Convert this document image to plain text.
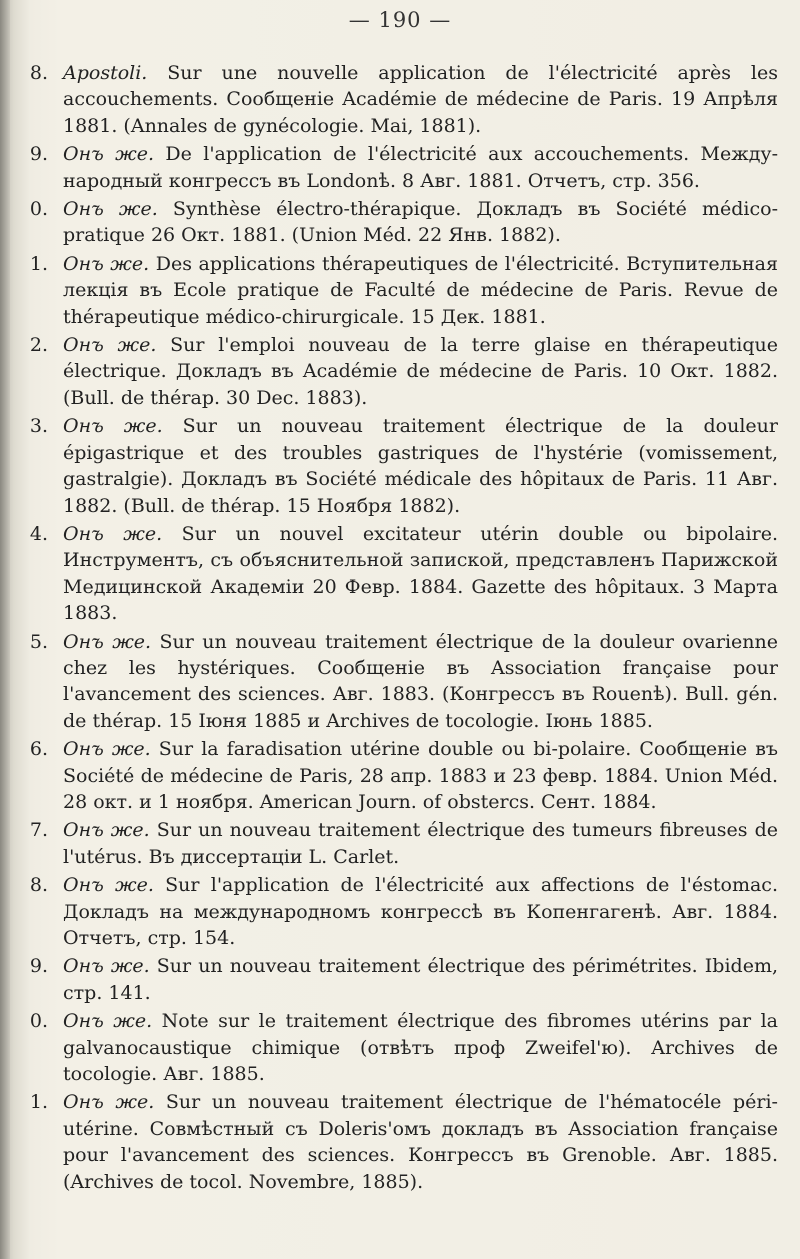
— 190 —
8. Apostoli. Sur une nouvelle application de l'électricité après les accouchements. Сообщеніе Académie de médecine de Paris. 19 Апрѣля 1881. (Annales de gynécologie. Mai, 1881).
9. Онъ же. De l'application de l'électricité aux accouchements. Между-народный конгрессъ въ Londonѣ. 8 Авг. 1881. Отчетъ, стр. 356.
0. Онъ же. Synthèse électro-thérapique. Докладъ въ Société médico-pratique 26 Окт. 1881. (Union Méd. 22 Янв. 1882).
1. Онъ же. Des applications thérapeutiques de l'électricité. Вступительная лекція въ Ecole pratique de Faculté de médecine de Paris. Revue de thérapeutique médico-chirurgicale. 15 Дек. 1881.
2. Онъ же. Sur l'emploi nouveau de la terre glaise en thérapeutique électrique. Докладъ въ Académie de médecine de Paris. 10 Окт. 1882. (Bull. de thérap. 30 Dec. 1883).
3. Онъ же. Sur un nouveau traitement électrique de la douleur épigastrique et des troubles gastriques de l'hystérie (vomissement, gastralgie). Докладъ въ Société médicale des hôpitaux de Paris. 11 Авг. 1882. (Bull. de thérap. 15 Ноября 1882).
4. Онъ же. Sur un nouvel excitateur utérin double ou bipolaire. Инструментъ, съ объяснительной запиской, представленъ Парижской Медицинской Академіи 20 Февр. 1884. Gazette des hôpitaux. 3 Марта 1883.
5. Онъ же. Sur un nouveau traitement électrique de la douleur ovarienne chez les hystériques. Сообщеніе въ Association française pour l'avancement des sciences. Авг. 1883. (Конгрессъ въ Rouenѣ). Bull. gén. de thérap. 15 Іюня 1885 и Archives de tocologie. Іюнь 1885.
6. Онъ же. Sur la faradisation utérine double ou bi-polaire. Сообщеніе въ Société de médecine de Paris, 28 апр. 1883 и 23 февр. 1884. Union Méd. 28 окт. и 1 ноября. American Journ. of obstercs. Сент. 1884.
7. Онъ же. Sur un nouveau traitement électrique des tumeurs fibreuses de l'utérus. Въ диссертаціи L. Carlet.
8. Онъ же. Sur l'application de l'électricité aux affections de l'éstomac. Докладъ на международномъ конгрессѣ въ Копенгагенѣ. Авг. 1884. Отчетъ, стр. 154.
9. Онъ же. Sur un nouveau traitement électrique des périmétrites. Ibidem, стр. 141.
0. Онъ же. Note sur le traitement électrique des fibromes utérins par la galvanocaustique chimique (отвѣтъ проф Zweifel'ю). Archives de tocologie. Авг. 1885.
1. Онъ же. Sur un nouveau traitement électrique de l'hématocéle péri-utérine. Совмѣстный съ Dolеris'омъ докладъ въ Association française pour l'avancement des sciences. Конгрессъ въ Grenoble. Авг. 1885. (Archives de tocol. Novembre, 1885).
